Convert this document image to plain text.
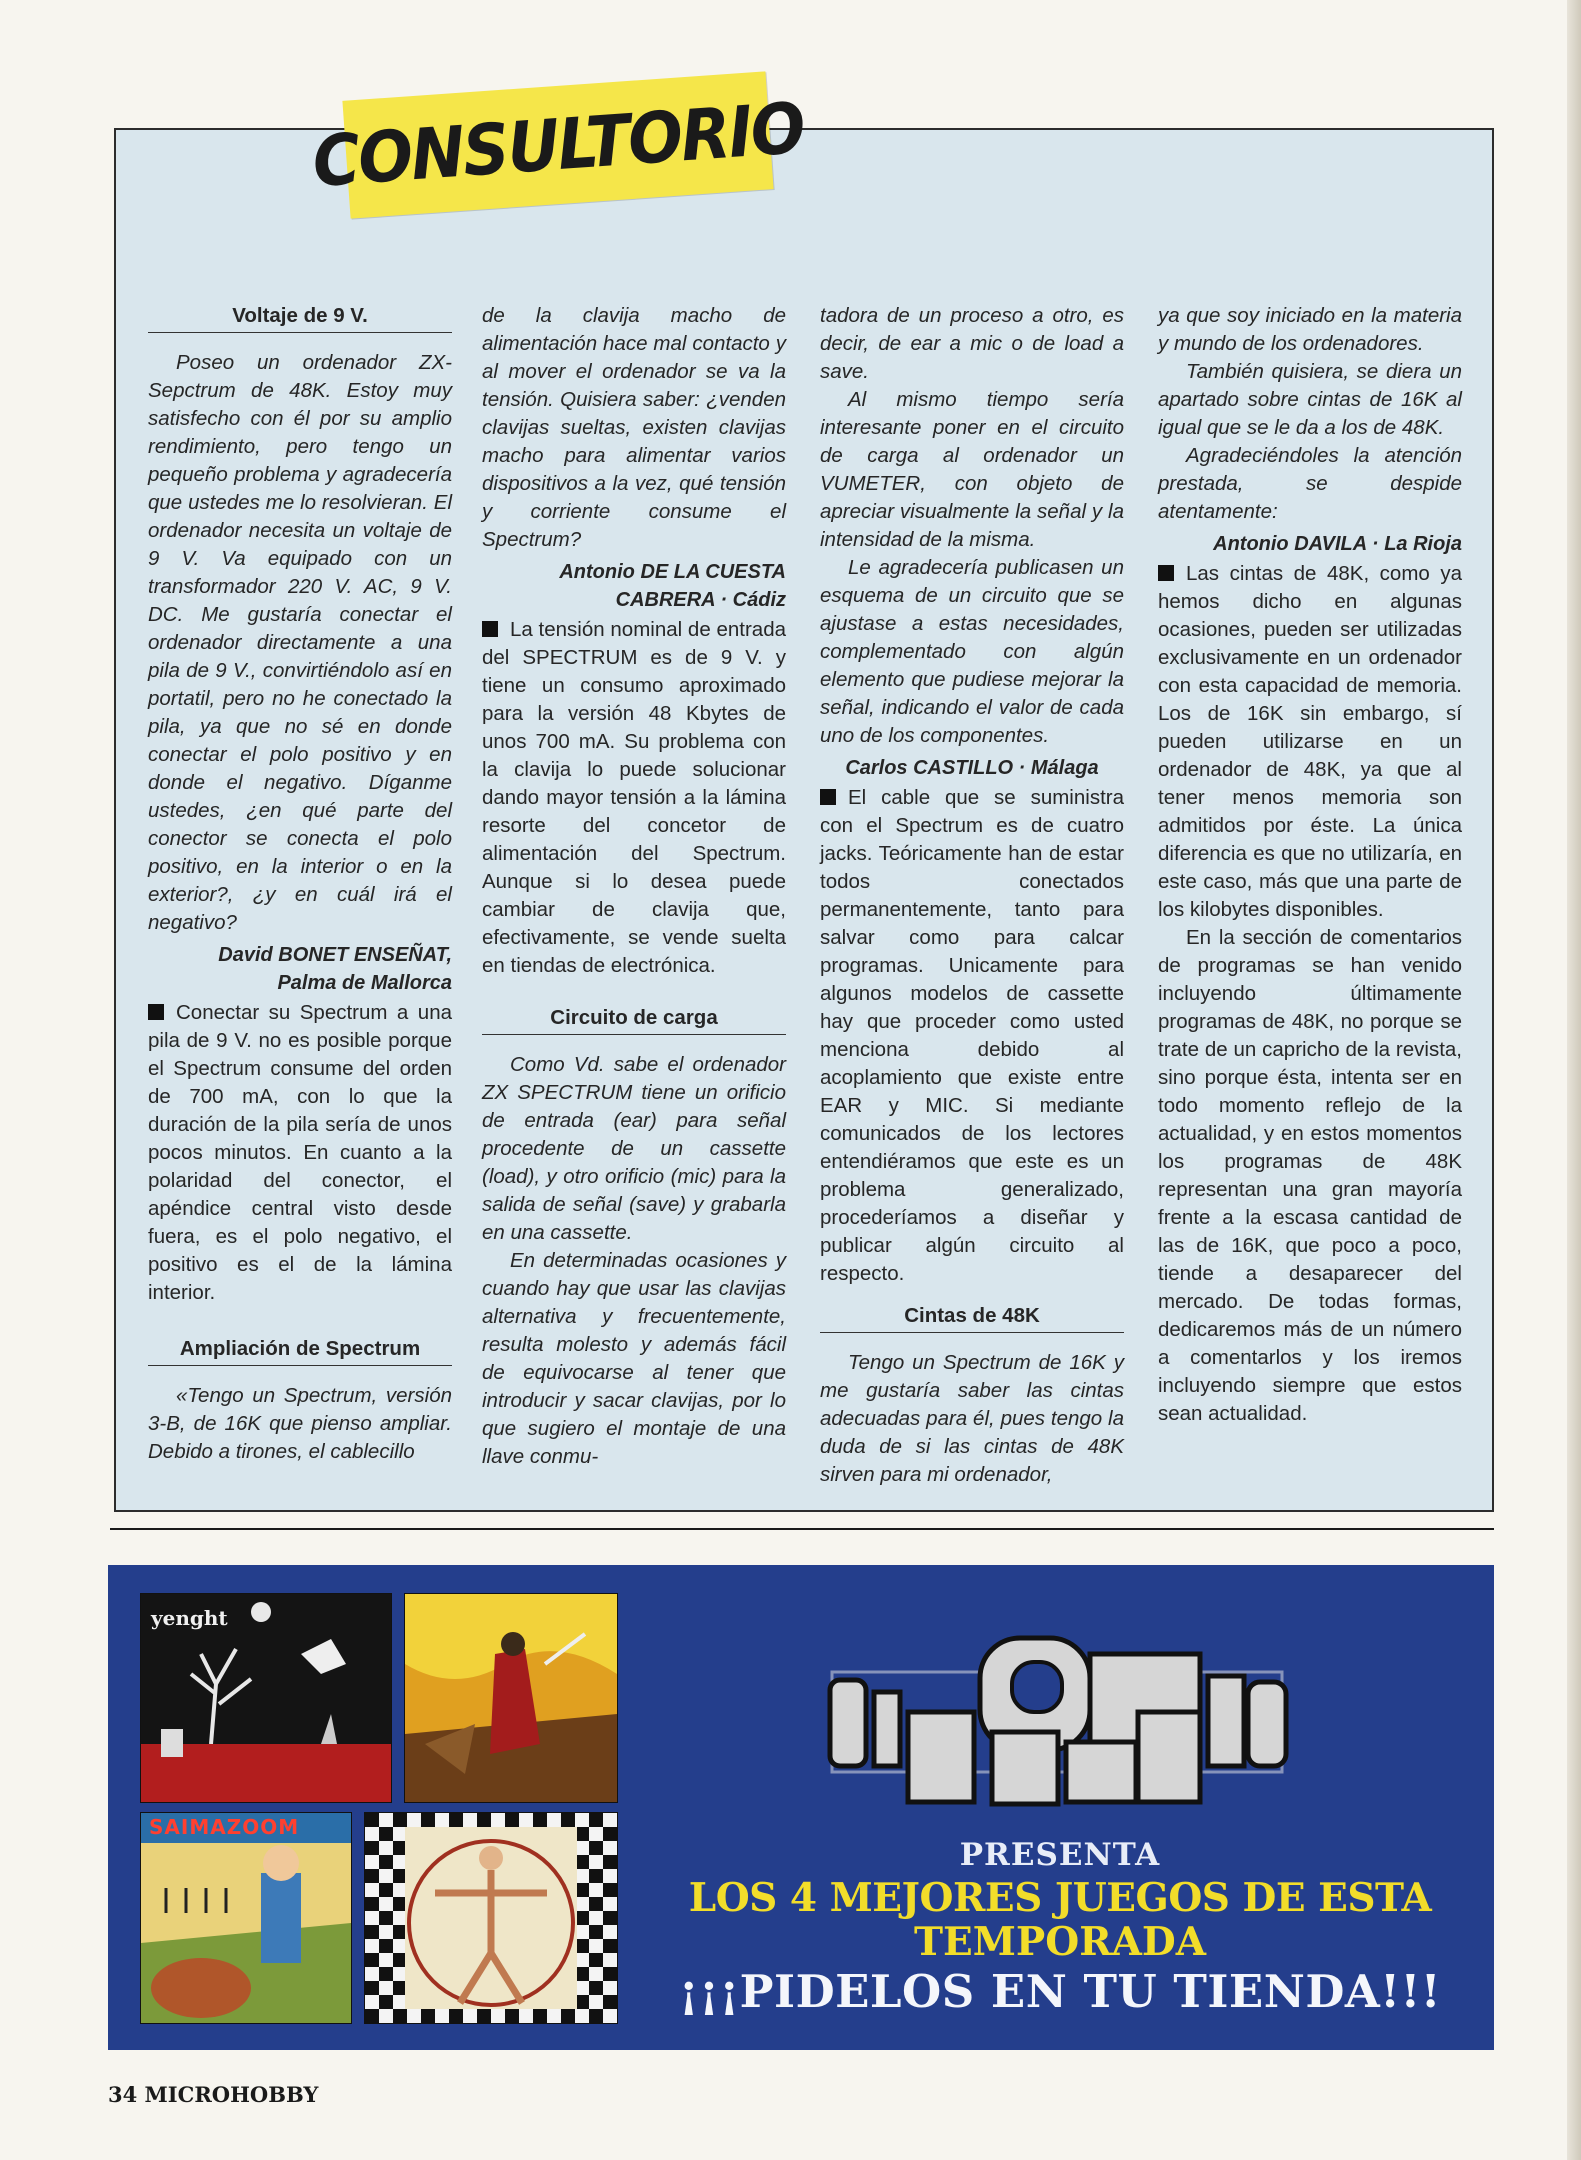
CONSULTORIO
Voltaje de 9 V.

Poseo un ordenador ZX-Sepctrum de 48K. Estoy muy satisfecho con él por su amplio rendimiento, pero tengo un pequeño problema y agradecería que ustedes me lo resolvieran. El ordenador necesita un voltaje de 9 V. Va equipado con un transformador 220 V. AC, 9 V. DC. Me gustaría conectar el ordenador directamente a una pila de 9 V., convirtiéndolo así en portatil, pero no he conectado la pila, ya que no sé en donde conectar el polo positivo y en donde el negativo. Díganme ustedes, ¿en qué parte del conector se conecta el polo positivo, en la interior o en la exterior?, ¿y en cuál irá el negativo?

David BONET ENSEÑAT,
Palma de Mallorca

Conectar su Spectrum a una pila de 9 V. no es posible porque el Spectrum consume del orden de 700 mA, con lo que la duración de la pila sería de unos pocos minutos. En cuanto a la polaridad del conector, el apéndice central visto desde fuera, es el polo negativo, el positivo es el de la lámina interior.

Ampliación de Spectrum

«Tengo un Spectrum, versión 3-B, de 16K que pienso ampliar. Debido a tirones, el cablecillo

de la clavija macho de alimentación hace mal contacto y al mover el ordenador se va la tensión. Quisiera saber: ¿venden clavijas sueltas, existen clavijas macho para alimentar varios dispositivos a la vez, qué tensión y corriente consume el Spectrum?

Antonio DE LA CUESTA
CABRERA · Cádiz

La tensión nominal de entrada del SPECTRUM es de 9 V. y tiene un consumo aproximado para la versión 48 Kbytes de unos 700 mA. Su problema con la clavija lo puede solucionar dando mayor tensión a la lámina resorte del concetor de alimentación del Spectrum. Aunque si lo desea puede cambiar de clavija que, efectivamente, se vende suelta en tiendas de electrónica.

Circuito de carga

Como Vd. sabe el ordenador ZX SPECTRUM tiene un orificio de entrada (ear) para señal procedente de un cassette (load), y otro orificio (mic) para la salida de señal (save) y grabarla en una cassette.

En determinadas ocasiones y cuando hay que usar las clavijas alternativa y frecuentemente, resulta molesto y además fácil de equivocarse al tener que introducir y sacar clavijas, por lo que sugiero el montaje de una llave conmu-

tadora de un proceso a otro, es decir, de ear a mic o de load a save.

Al mismo tiempo sería interesante poner en el circuito de carga al ordenador un VUMETER, con objeto de apreciar visualmente la señal y la intensidad de la misma.

Le agradecería publicasen un esquema de un circuito que se ajustase a estas necesidades, complementado con algún elemento que pudiese mejorar la señal, indicando el valor de cada uno de los componentes.

Carlos CASTILLO · Málaga

El cable que se suministra con el Spectrum es de cuatro jacks. Teóricamente han de estar todos conectados permanentemente, tanto para salvar como para calcar programas. Unicamente para algunos modelos de cassette hay que proceder como usted menciona debido al acoplamiento que existe entre EAR y MIC. Si mediante comunicados de los lectores entendiéramos que este es un problema generalizado, procederíamos a diseñar y publicar algún circuito al respecto.

Cintas de 48K

Tengo un Spectrum de 16K y me gustaría saber las cintas adecuadas para él, pues tengo la duda de si las cintas de 48K sirven para mi ordenador,

ya que soy iniciado en la materia y mundo de los ordenadores.

También quisiera, se diera un apartado sobre cintas de 16K al igual que se le da a los de 48K.

Agradeciéndoles la atención prestada, se despide atentamente:

Antonio DAVILA · La Rioja

Las cintas de 48K, como ya hemos dicho en algunas ocasiones, pueden ser utilizadas exclusivamente en un ordenador con esta capacidad de memoria. Los de 16K sin embargo, sí pueden utilizarse en un ordenador de 48K, ya que al tener menos memoria son admitidos por éste. La única diferencia es que no utilizaría, en este caso, más que una parte de los kilobytes disponibles.

En la sección de comentarios de programas se han venido incluyendo últimamente programas de 48K, no porque se trate de un capricho de la revista, sino porque ésta, intenta ser en todo momento reflejo de la actualidad, y en estos momentos los programas de 48K representan una gran mayoría frente a la escasa cantidad de las de 16K, que poco a poco, tiende a desaparecer del mercado. De todas formas, dedicaremos más de un número a comentarlos y los iremos incluyendo siempre que estos sean actualidad.

yenght
SAIMAZOOM
PRESENTA
LOS 4 MEJORES JUEGOS DE ESTA
TEMPORADA
¡¡¡PIDELOS EN TU TIENDA!!!
34 MICROHOBBY
